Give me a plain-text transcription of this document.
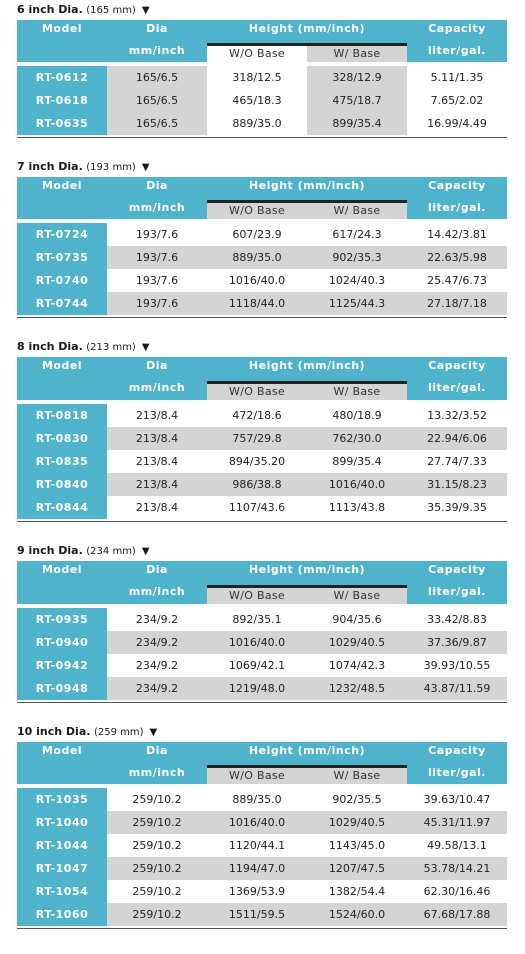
6 inch Dia. (165 mm) ▼
Model	Dia
mm/inch
Height (mm/inch)	Capacity
liter/gal.
W/O Base	W/ Base
RT-0612	165/6.5	318/12.5	328/12.9	5.11/1.35
RT-0618	165/6.5	465/18.3	475/18.7	7.65/2.02
RT-0635	165/6.5	889/35.0	899/35.4	16.99/4.49
7 inch Dia. (193 mm) ▼
Model	Dia
mm/inch
Height (mm/inch)	Capacity
liter/gal.
W/O Base	W/ Base
RT-0724	193/7.6	607/23.9	617/24.3	14.42/3.81
RT-0735	193/7.6	889/35.0	902/35.3	22.63/5.98
RT-0740	193/7.6	1016/40.0	1024/40.3	25.47/6.73
RT-0744	193/7.6	1118/44.0	1125/44.3	27.18/7.18
8 inch Dia. (213 mm) ▼
Model	Dia
mm/inch
Height (mm/inch)	Capacity
liter/gal.
W/O Base	W/ Base
RT-0818	213/8.4	472/18.6	480/18.9	13.32/3.52
RT-0830	213/8.4	757/29.8	762/30.0	22.94/6.06
RT-0835	213/8.4	894/35.20	899/35.4	27.74/7.33
RT-0840	213/8.4	986/38.8	1016/40.0	31.15/8.23
RT-0844	213/8.4	1107/43.6	1113/43.8	35.39/9.35
9 inch Dia. (234 mm) ▼
Model	Dia
mm/inch
Height (mm/inch)	Capacity
liter/gal.
W/O Base	W/ Base
RT-0935	234/9.2	892/35.1	904/35.6	33.42/8.83
RT-0940	234/9.2	1016/40.0	1029/40.5	37.36/9.87
RT-0942	234/9.2	1069/42.1	1074/42.3	39.93/10.55
RT-0948	234/9.2	1219/48.0	1232/48.5	43.87/11.59
10 inch Dia. (259 mm) ▼
Model	Dia
mm/inch
Height (mm/inch)	Capacity
liter/gal.
W/O Base	W/ Base
RT-1035	259/10.2	889/35.0	902/35.5	39.63/10.47
RT-1040	259/10.2	1016/40.0	1029/40.5	45.31/11.97
RT-1044	259/10.2	1120/44.1	1143/45.0	49.58/13.1
RT-1047	259/10.2	1194/47.0	1207/47.5	53.78/14.21
RT-1054	259/10.2	1369/53.9	1382/54.4	62.30/16.46
RT-1060	259/10.2	1511/59.5	1524/60.0	67.68/17.88
